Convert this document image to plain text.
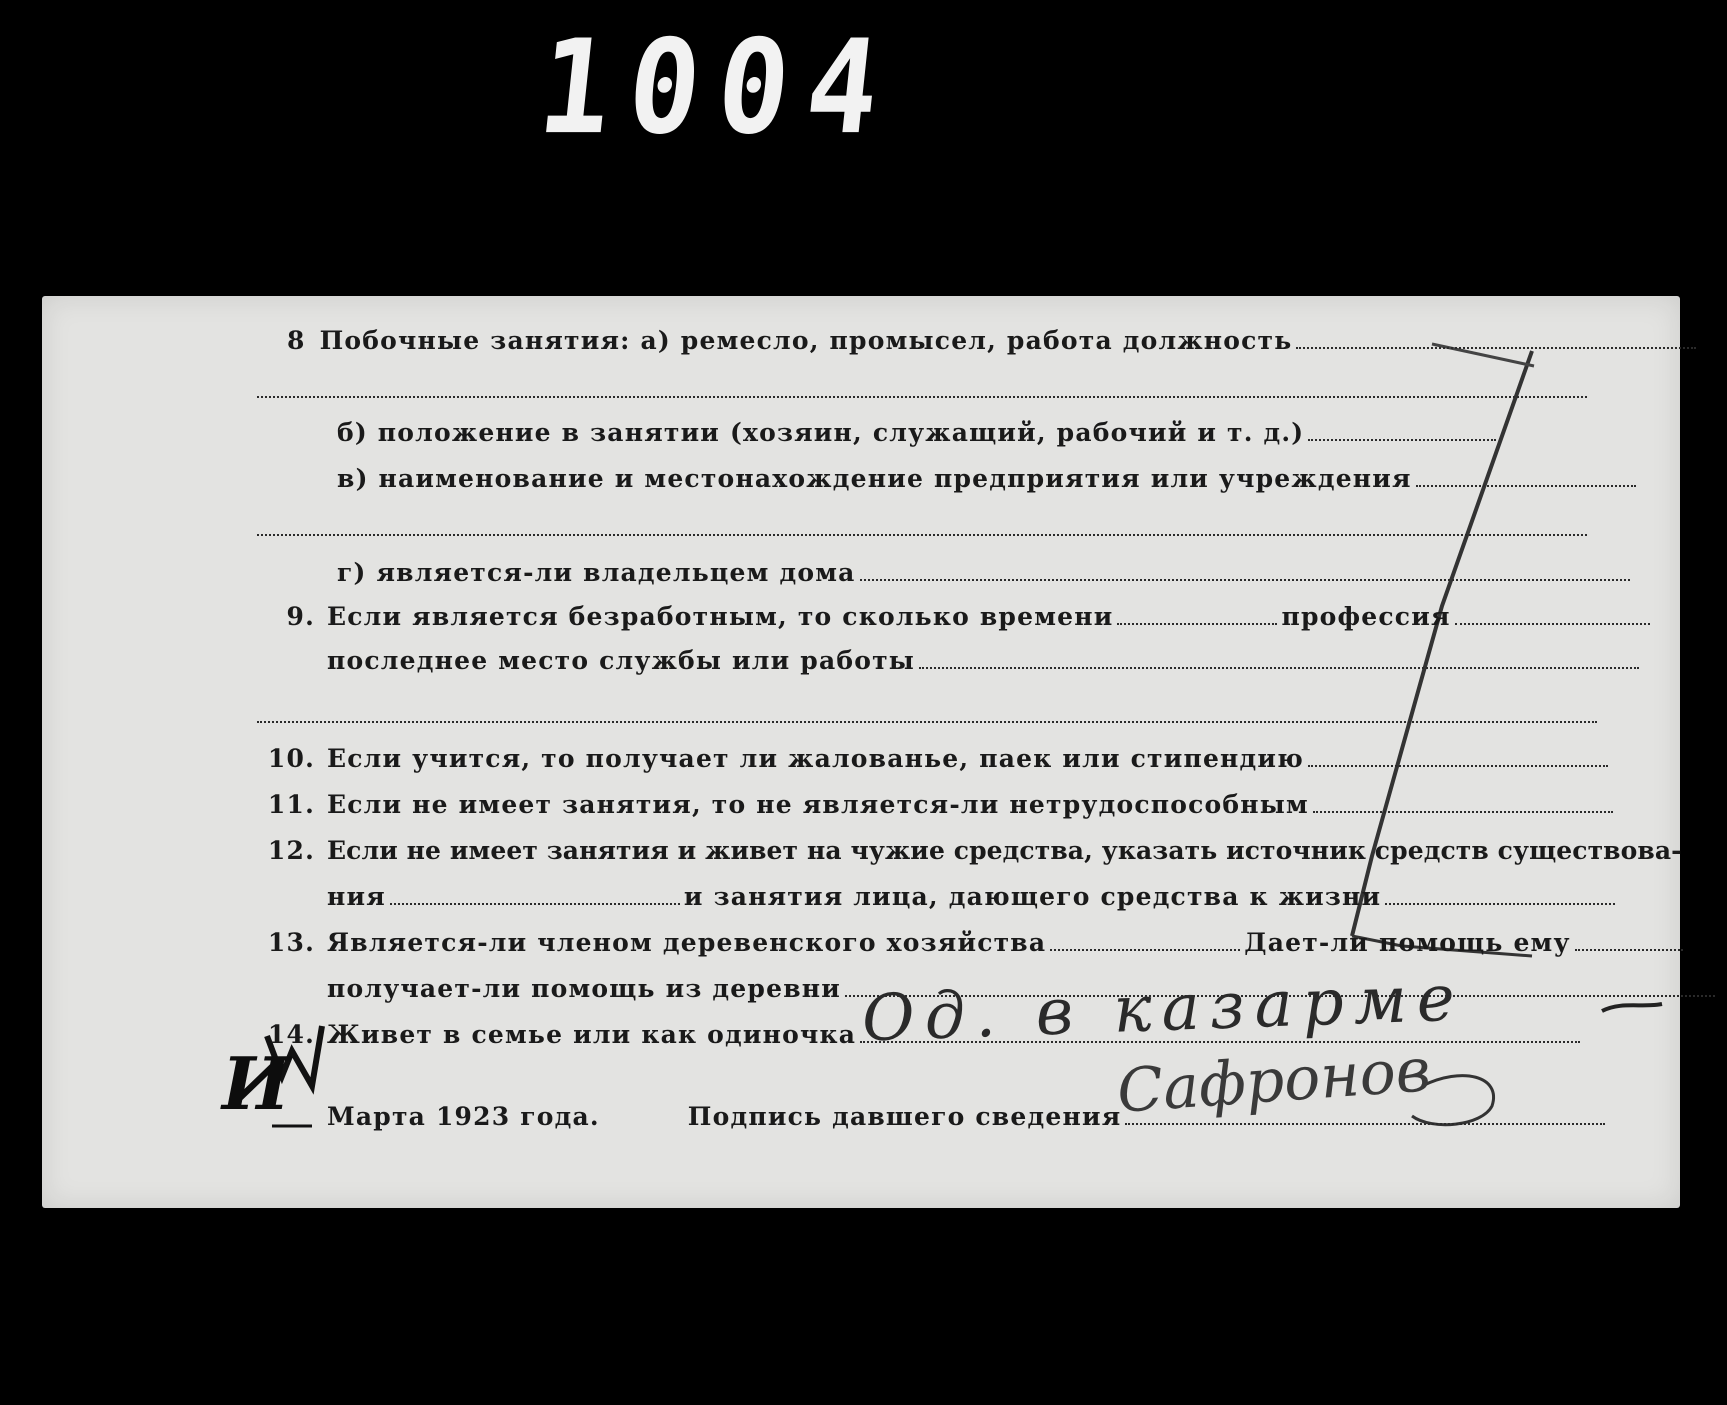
1004
8 Побочные занятия: а) ремесло, промысел, работа должность
б) положение в занятии (хозяин, служащий, рабочий и т. д.)
в) наименование и местонахождение предприятия или учреждения
г) является-ли владельцем дома
9. Если является безработным, то сколько времени	профессия
последнее место службы или работы
10. Если учится, то получает ли жалованье, паек или стипендию
11. Если не имеет занятия, то не является-ли нетрудоспособным
12. Если не имеет занятия и живет на чужие средства, указать источник средств существова-
ния	и занятия лица, дающего средства к жизни
13. Является-ли членом деревенского хозяйства	Дает-ли помощь ему
получает-ли помощь из деревни
14. Живет в семье или как одиночка Од. в казарме
И Марта 1923 года.	Подпись давшего сведения
Сафронов
